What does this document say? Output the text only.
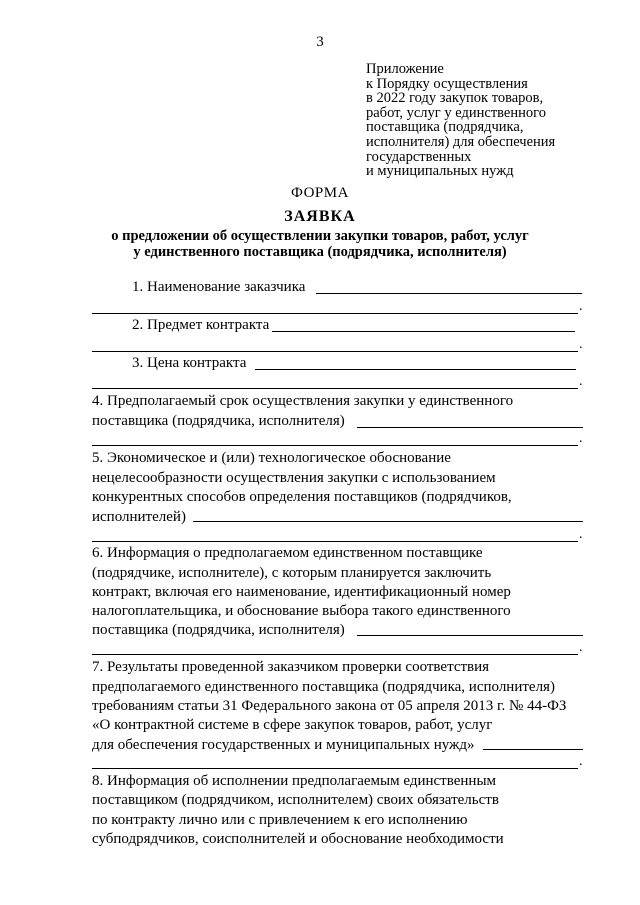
3
Приложение
к Порядку осуществления
в 2022 году закупок товаров,
работ, услуг у единственного
поставщика (подрядчика,
исполнителя) для обеспечения
государственных
и муниципальных нужд
ФОРМА
ЗАЯВКА
о предложении об осуществлении закупки товаров, работ, услуг
у единственного поставщика (подрядчика, исполнителя)
1. Наименование заказчика
.
2. Предмет контракта
.
3. Цена контракта
.
4. Предполагаемый срок осуществления закупки у единственного
поставщика (подрядчика, исполнителя)
.
5. Экономическое и (или) технологическое обоснование
нецелесообразности осуществления закупки с использованием
конкурентных способов определения поставщиков (подрядчиков,
исполнителей)
.
6. Информация о предполагаемом единственном поставщике
(подрядчике, исполнителе), с которым планируется заключить
контракт, включая его наименование, идентификационный номер
налогоплательщика, и обоснование выбора такого единственного
поставщика (подрядчика, исполнителя)
.
7. Результаты проведенной заказчиком проверки соответствия
предполагаемого единственного поставщика (подрядчика, исполнителя)
требованиям статьи 31 Федерального закона от 05 апреля 2013 г. № 44-ФЗ
«О контрактной системе в сфере закупок товаров, работ, услуг
для обеспечения государственных и муниципальных нужд»
.
8. Информация об исполнении предполагаемым единственным
поставщиком (подрядчиком, исполнителем) своих обязательств
по контракту лично или с привлечением к его исполнению
субподрядчиков, соисполнителей и обоснование необходимости
